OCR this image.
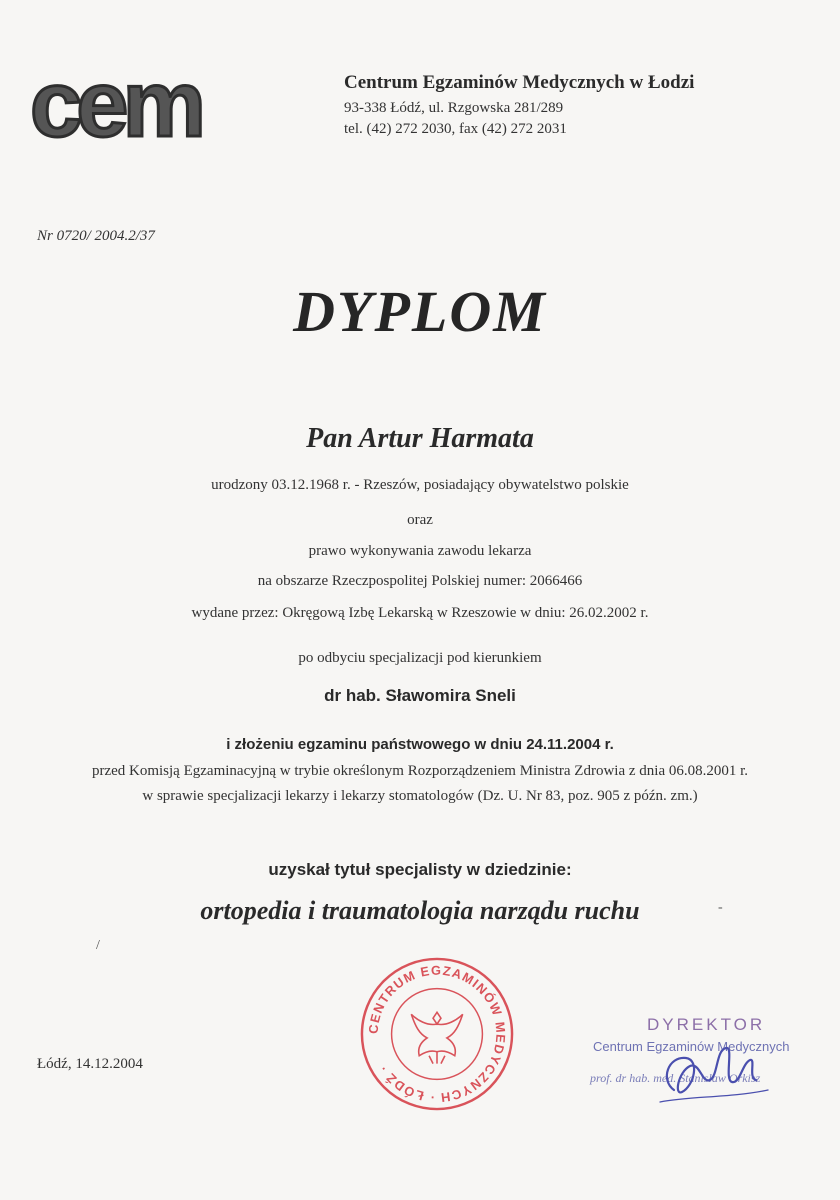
cem	Centrum Egzaminów Medycznych w Łodzi
93-338 Łódź, ul. Rzgowska 281/289
tel. (42) 272 2030, fax (42) 272 2031
Nr 0720/ 2004.2/37
DYPLOM
Pan Artur Harmata
urodzony 03.12.1968 r. - Rzeszów, posiadający obywatelstwo polskie
oraz
prawo wykonywania zawodu lekarza
na obszarze Rzeczpospolitej Polskiej numer: 2066466
wydane przez: Okręgową Izbę Lekarską w Rzeszowie w dniu: 26.02.2002 r.
po odbyciu specjalizacji pod kierunkiem
dr hab. Sławomira Sneli
i złożeniu egzaminu państwowego w dniu 24.11.2004 r.
przed Komisją Egzaminacyjną w trybie określonym Rozporządzeniem Ministra Zdrowia z dnia 06.08.2001 r.
w sprawie specjalizacji lekarzy i lekarzy stomatologów (Dz. U. Nr 83, poz. 905 z późn. zm.)
uzyskał tytuł specjalisty w dziedzinie:
ortopedia i traumatologia narządu ruchu
/
-
Łódź, 14.12.2004
CENTRUM EGZAMINÓW MEDYCZNYCH · ŁÓDŹ ·
DYREKTOR
Centrum Egzaminów Medycznych
prof. dr hab. med. Stanisław Orkisz
